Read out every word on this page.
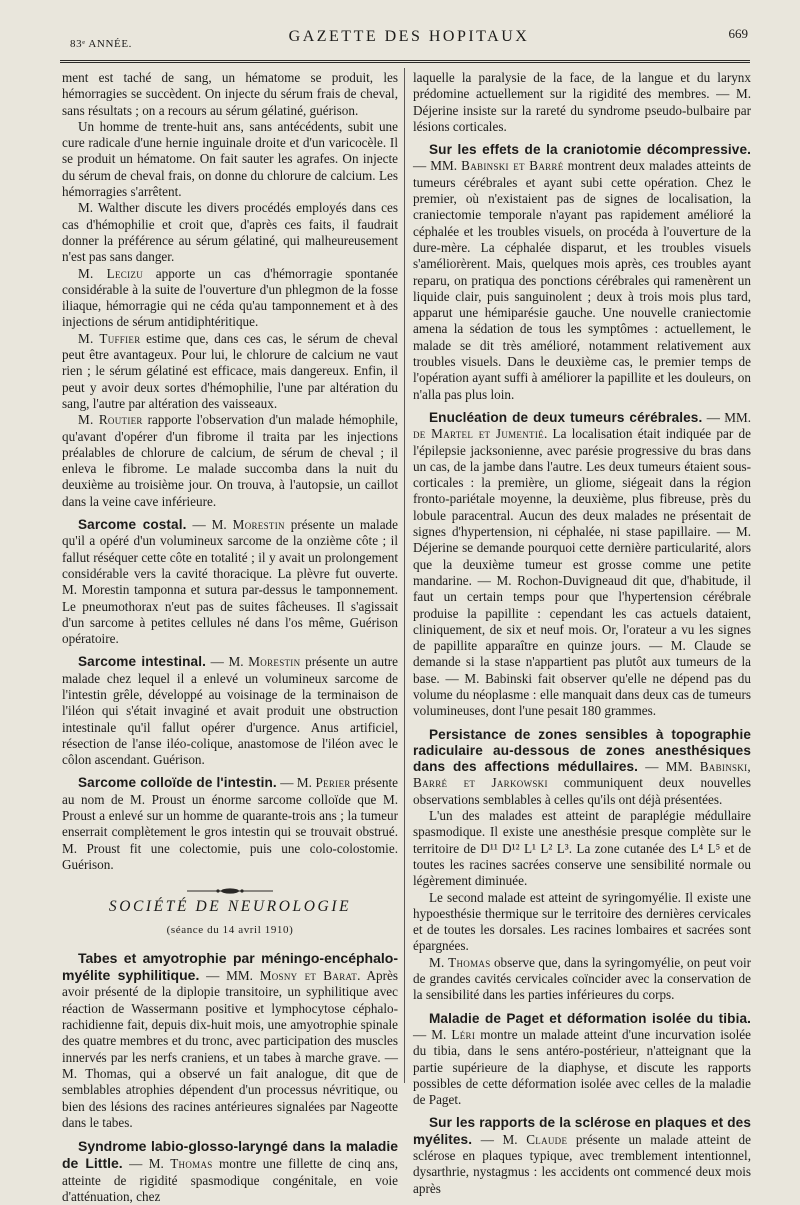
83ᵉ ANNÉE.	GAZETTE DES HOPITAUX	669

ment est taché de sang, un hématome se produit, les hémorragies se succèdent. On injecte du sérum frais de cheval, sans résultats ; on a recours au sérum gélatiné, guérison.

Un homme de trente-huit ans, sans antécédents, subit une cure radicale d'une hernie inguinale droite et d'un varicocèle. Il se produit un hématome. On fait sauter les agrafes. On injecte du sérum de cheval frais, on donne du chlorure de calcium. Les hémorragies s'arrêtent.

M. Walther discute les divers procédés employés dans ces cas d'hémophilie et croit que, d'après ces faits, il faudrait donner la préférence au sérum gélatiné, qui malheureusement n'est pas sans danger.

M. Lecizu apporte un cas d'hémorragie spontanée considérable à la suite de l'ouverture d'un phlegmon de la fosse iliaque, hémorragie qui ne céda qu'au tamponnement et à des injections de sérum antidiphtéritique.

M. Tuffier estime que, dans ces cas, le sérum de cheval peut être avantageux. Pour lui, le chlorure de calcium ne vaut rien ; le sérum gélatiné est efficace, mais dangereux. Enfin, il peut y avoir deux sortes d'hémophilie, l'une par altération du sang, l'autre par altération des vaisseaux.

M. Routier rapporte l'observation d'un malade hémophile, qu'avant d'opérer d'un fibrome il traita par les injections préalables de chlorure de calcium, de sérum de cheval ; il enleva le fibrome. Le malade succomba dans la nuit du deuxième au troisième jour. On trouva, à l'autopsie, un caillot dans la veine cave inférieure.

Sarcome costal. — M. Morestin présente un malade qu'il a opéré d'un volumineux sarcome de la onzième côte ; il fallut réséquer cette côte en totalité ; il y avait un prolongement considérable vers la cavité thoracique. La plèvre fut ouverte. M. Morestin tamponna et sutura par-dessus le tamponnement. Le pneumothorax n'eut pas de suites fâcheuses. Il s'agissait d'un sarcome à petites cellules né dans l'os même, Guérison opératoire.

Sarcome intestinal. — M. Morestin présente un autre malade chez lequel il a enlevé un volumineux sarcome de l'intestin grêle, développé au voisinage de la terminaison de l'iléon qui s'était invaginé et avait produit une obstruction intestinale qu'il fallut opérer d'urgence. Anus artificiel, résection de l'anse iléo-colique, anastomose de l'iléon avec le côlon ascendant. Guérison.

Sarcome colloïde de l'intestin. — M. Perier présente au nom de M. Proust un énorme sarcome colloïde que M. Proust a enlevé sur un homme de quarante-trois ans ; la tumeur enserrait complètement le gros intestin qui se trouvait obstrué. M. Proust fit une colectomie, puis une colo-colostomie. Guérison.

SOCIÉTÉ DE NEUROLOGIE
(séance du 14 avril 1910)

Tabes et amyotrophie par méningo-encéphalo-myélite syphilitique. — MM. Mosny et Barat. Après avoir présenté de la diplopie transitoire, un syphilitique avec réaction de Wassermann positive et lymphocytose céphalo-rachidienne fait, depuis dix-huit mois, une amyotrophie spinale des quatre membres et du tronc, avec participation des muscles innervés par les nerfs craniens, et un tabes à marche grave. — M. Thomas, qui a observé un fait analogue, dit que de semblables atrophies dépendent d'un processus névritique, ou bien des lésions des racines antérieures signalées par Nageotte dans le tabes.

Syndrome labio-glosso-laryngé dans la maladie de Little. — M. Thomas montre une fillette de cinq ans, atteinte de rigidité spasmodique congénitale, en voie d'atténuation, chez

laquelle la paralysie de la face, de la langue et du larynx prédomine actuellement sur la rigidité des membres. — M. Déjerine insiste sur la rareté du syndrome pseudo-bulbaire par lésions corticales.

Sur les effets de la craniotomie décompressive. — MM. Babinski et Barré montrent deux malades atteints de tumeurs cérébrales et ayant subi cette opération. Chez le premier, où n'existaient pas de signes de localisation, la craniectomie temporale n'ayant pas rapidement amélioré la céphalée et les troubles visuels, on procéda à l'ouverture de la dure-mère. La céphalée disparut, et les troubles visuels s'améliorèrent. Mais, quelques mois après, ces troubles ayant reparu, on pratiqua des ponctions cérébrales qui ramenèrent un liquide clair, puis sanguinolent ; deux à trois mois plus tard, apparut une hémiparésie gauche. Une nouvelle craniectomie amena la sédation de tous les symptômes : actuellement, le malade se dit très amélioré, notamment relativement aux troubles visuels. Dans le deuxième cas, le premier temps de l'opération ayant suffi à améliorer la papillite et les douleurs, on n'alla pas plus loin.

Enucléation de deux tumeurs cérébrales. — MM. de Martel et Jumentié. La localisation était indiquée par de l'épilepsie jacksonienne, avec parésie progressive du bras dans un cas, de la jambe dans l'autre. Les deux tumeurs étaient sous-corticales : la première, un gliome, siégeait dans la région fronto-pariétale moyenne, la deuxième, plus fibreuse, près du lobule paracentral. Aucun des deux malades ne présentait de signes d'hypertension, ni céphalée, ni stase papillaire. — M. Déjerine se demande pourquoi cette dernière particularité, alors que la deuxième tumeur est grosse comme une petite mandarine. — M. Rochon-Duvigneaud dit que, d'habitude, il faut un certain temps pour que l'hypertension cérébrale produise la papillite : cependant les cas actuels dataient, cliniquement, de six et neuf mois. Or, l'orateur a vu les signes de papillite apparaître en quinze jours. — M. Claude se demande si la stase n'appartient pas plutôt aux tumeurs de la base. — M. Babinski fait observer qu'elle ne dépend pas du volume du néoplasme : elle manquait dans deux cas de tumeurs volumineuses, dont l'une pesait 180 grammes.

Persistance de zones sensibles à topographie radiculaire au-dessous de zones anesthésiques dans des affections médullaires. — MM. Babinski, Barré et Jarkowski communiquent deux nouvelles observations semblables à celles qu'ils ont déjà présentées.

L'un des malades est atteint de paraplégie médullaire spasmodique. Il existe une anesthésie presque complète sur le territoire de D¹¹ D¹² L¹ L² L³. La zone cutanée des L⁴ L⁵ et de toutes les racines sacrées conserve une sensibilité normale ou légèrement diminuée.

Le second malade est atteint de syringomyélie. Il existe une hypoesthésie thermique sur le territoire des dernières cervicales et de toutes les dorsales. Les racines lombaires et sacrées sont épargnées.

M. Thomas observe que, dans la syringomyélie, on peut voir de grandes cavités cervicales coïncider avec la conservation de la sensibilité dans les parties inférieures du corps.

Maladie de Paget et déformation isolée du tibia. — M. Léri montre un malade atteint d'une incurvation isolée du tibia, dans le sens antéro-postérieur, n'atteignant que la partie supérieure de la diaphyse, et discute les rapports possibles de cette déformation isolée avec celles de la maladie de Paget.

Sur les rapports de la sclérose en plaques et des myélites. — M. Claude présente un malade atteint de sclérose en plaques typique, avec tremblement intentionnel, dysarthrie, nystagmus : les accidents ont commencé deux mois après
